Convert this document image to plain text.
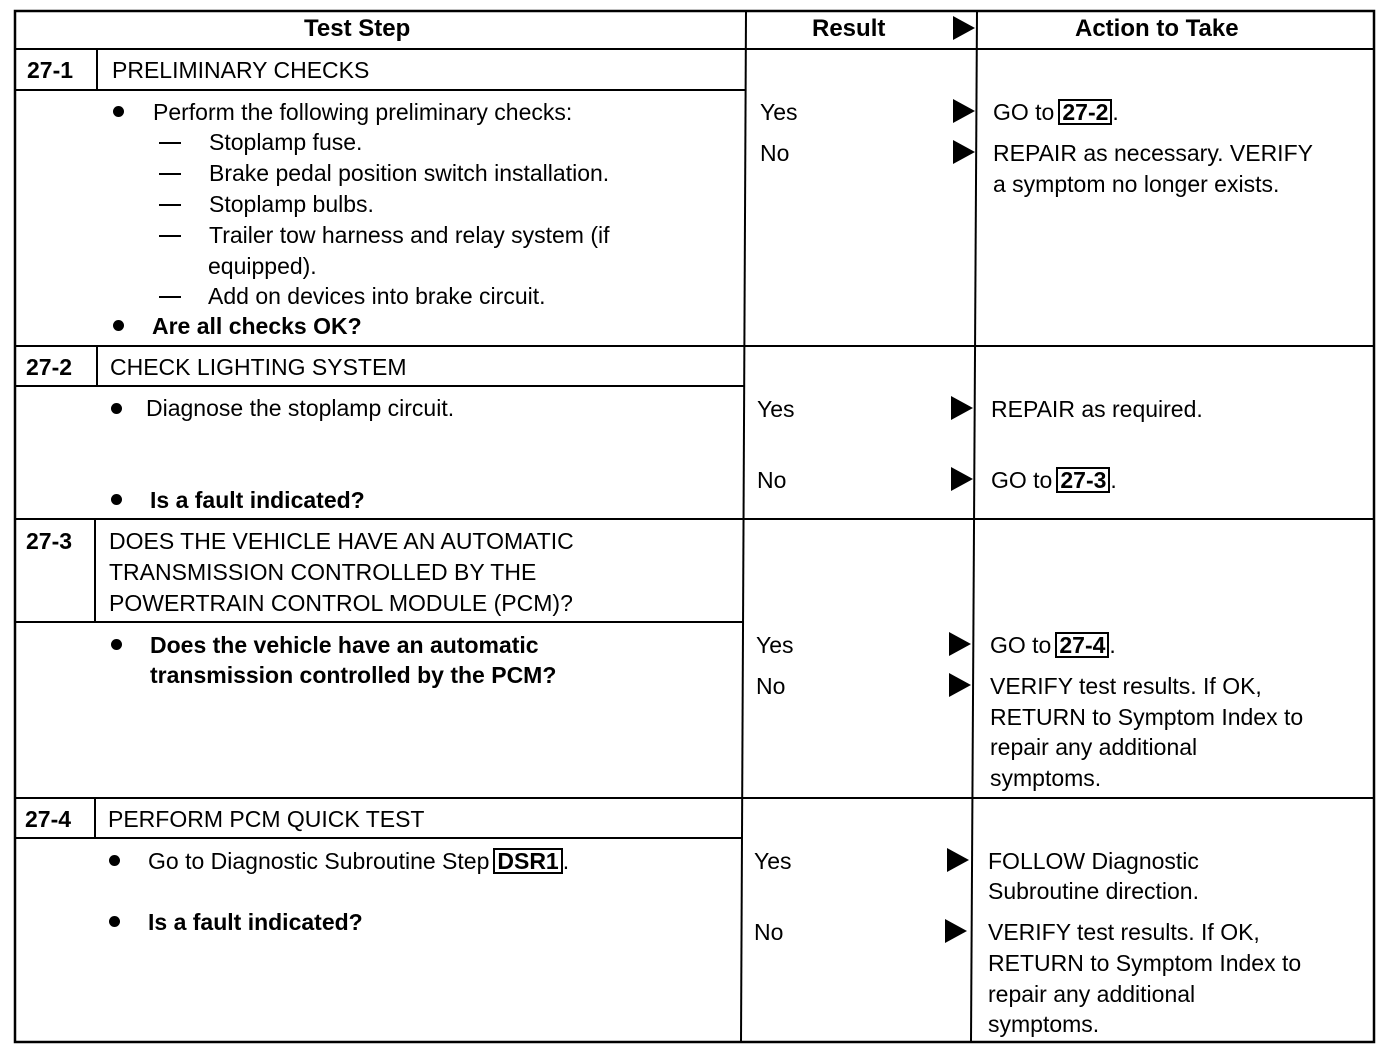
Test Step	Result	Action to Take
27-1 PRELIMINARY CHECKS
Perform the following preliminary checks:
Stoplamp fuse.
Brake pedal position switch installation.
Stoplamp bulbs.
Trailer tow harness and relay system (if
equipped).
Add on devices into brake circuit.
Are all checks OK?
Yes
No
GO to 27-2 .
REPAIR as necessary. VERIFY
a symptom no longer exists.
27-2 CHECK LIGHTING SYSTEM
Diagnose the stoplamp circuit.
Is a fault indicated?
Yes
No
REPAIR as required.
GO to 27-3 .
27-3 DOES THE VEHICLE HAVE AN AUTOMATIC
TRANSMISSION CONTROLLED BY THE
POWERTRAIN CONTROL MODULE (PCM)?
Does the vehicle have an automatic
transmission controlled by the PCM?
Yes
No
GO to 27-4 .
VERIFY test results. If OK,
RETURN to Symptom Index to
repair any additional
symptoms.
27-4 PERFORM PCM QUICK TEST
Go to Diagnostic Subroutine Step DSR1 .
Is a fault indicated?
Yes
No
FOLLOW Diagnostic
Subroutine direction.
VERIFY test results. If OK,
RETURN to Symptom Index to
repair any additional
symptoms.
